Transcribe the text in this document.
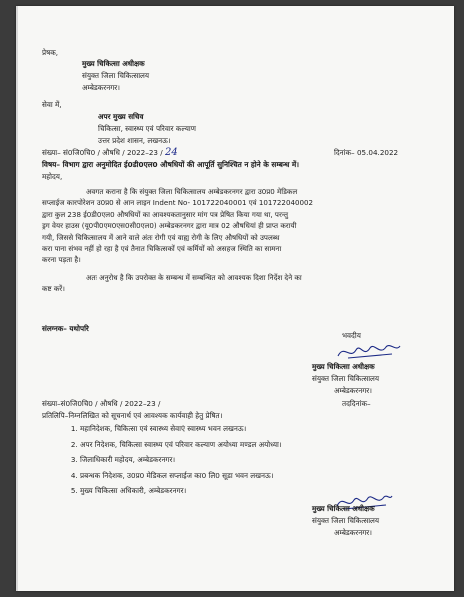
प्रेषक,
मुख्य चिकित्सा अधीक्षक
संयुक्त जिला चिकित्सालय
अम्बेडकरनगर।
सेवा में,
अपर मुख्य सचिव
चिकित्सा, स्वास्थ्य एवं परिवार कल्याण
उत्तर प्रदेश शासन, लखनऊ।
संख्या– सं0जि0चि0 / औषधि / 2022–23 / 24	दिनांक– 05.04.2022
विषय– विभाग द्वारा अनुमोदित ई0डी0एल0 औषधियों की आपूर्ति सुनिश्चित न होने के सम्बन्ध में।
महोदय,
अवगत कराना है कि संयुक्त जिला चिकित्सालय अम्बेडकरनगर द्वारा उ0प्र0 मेडिकल
सप्लाईज कारपोरेशन उ0प्र0 से आन लाइन Indent No- 101722040001 एवं 101722040002
द्वारा कुल 238 ई0डी0एल0 औषधियों का आवश्यकतानुसार मांग पत्र प्रेषित किया गया था, परन्तु
ड्रग वेयर हाउस (यू0पी0एम0एस0सी0एल0) अम्बेडकरनगर द्वारा मात्र 02 औषधियां ही प्राप्त करायी
गयी, जिससे चिकित्सालय में आने वाले अंतः रोगी एवं वाह्य रोगी के लिए औषधियों को उपलब्ध
करा पाना संभव नहीं हो रहा है एवं तैनात चिकित्सकों एवं कर्मियों को असहज स्थिति का सामना
करना पड़ता है।
अतः अनुरोध है कि उपरोक्त के सम्बन्ध में सम्बन्धित को आवश्यक दिशा निर्देश देने का
कष्ट करें।
संलग्नक– यथोपरि
भवदीय
मुख्य चिकित्सा अधीक्षक
संयुक्त जिला चिकित्सालय
अम्बेडकरनगर।
संख्या–सं0जि0चि0 / औषधि / 2022–23 /	तददिनांक–
प्रतिलिपि–निम्नलिखित को सूचनार्थ एवं आवश्यक कार्यवाही हेतु प्रेषित।
1. महानिदेशक, चिकित्सा एवं स्वास्थ्य सेवाएं स्वास्थ्य भवन लखनऊ।
2. अपर निदेशक, चिकित्सा स्वास्थ्य एवं परिवार कल्याण अयोध्या मण्डल अयोध्या।
3. जिलाधिकारी महोदय, अम्बेडकरनगर।
4. प्रबन्धक निदेशक, उ0प्र0 मेडिकल सप्लाईज का0 लि0 सूडा भवन लखनऊ।
5. मुख्य चिकित्सा अधिकारी, अम्बेडकरनगर।
मुख्य चिकित्सा अधीक्षक
संयुक्त जिला चिकित्सालय
अम्बेडकरनगर।
